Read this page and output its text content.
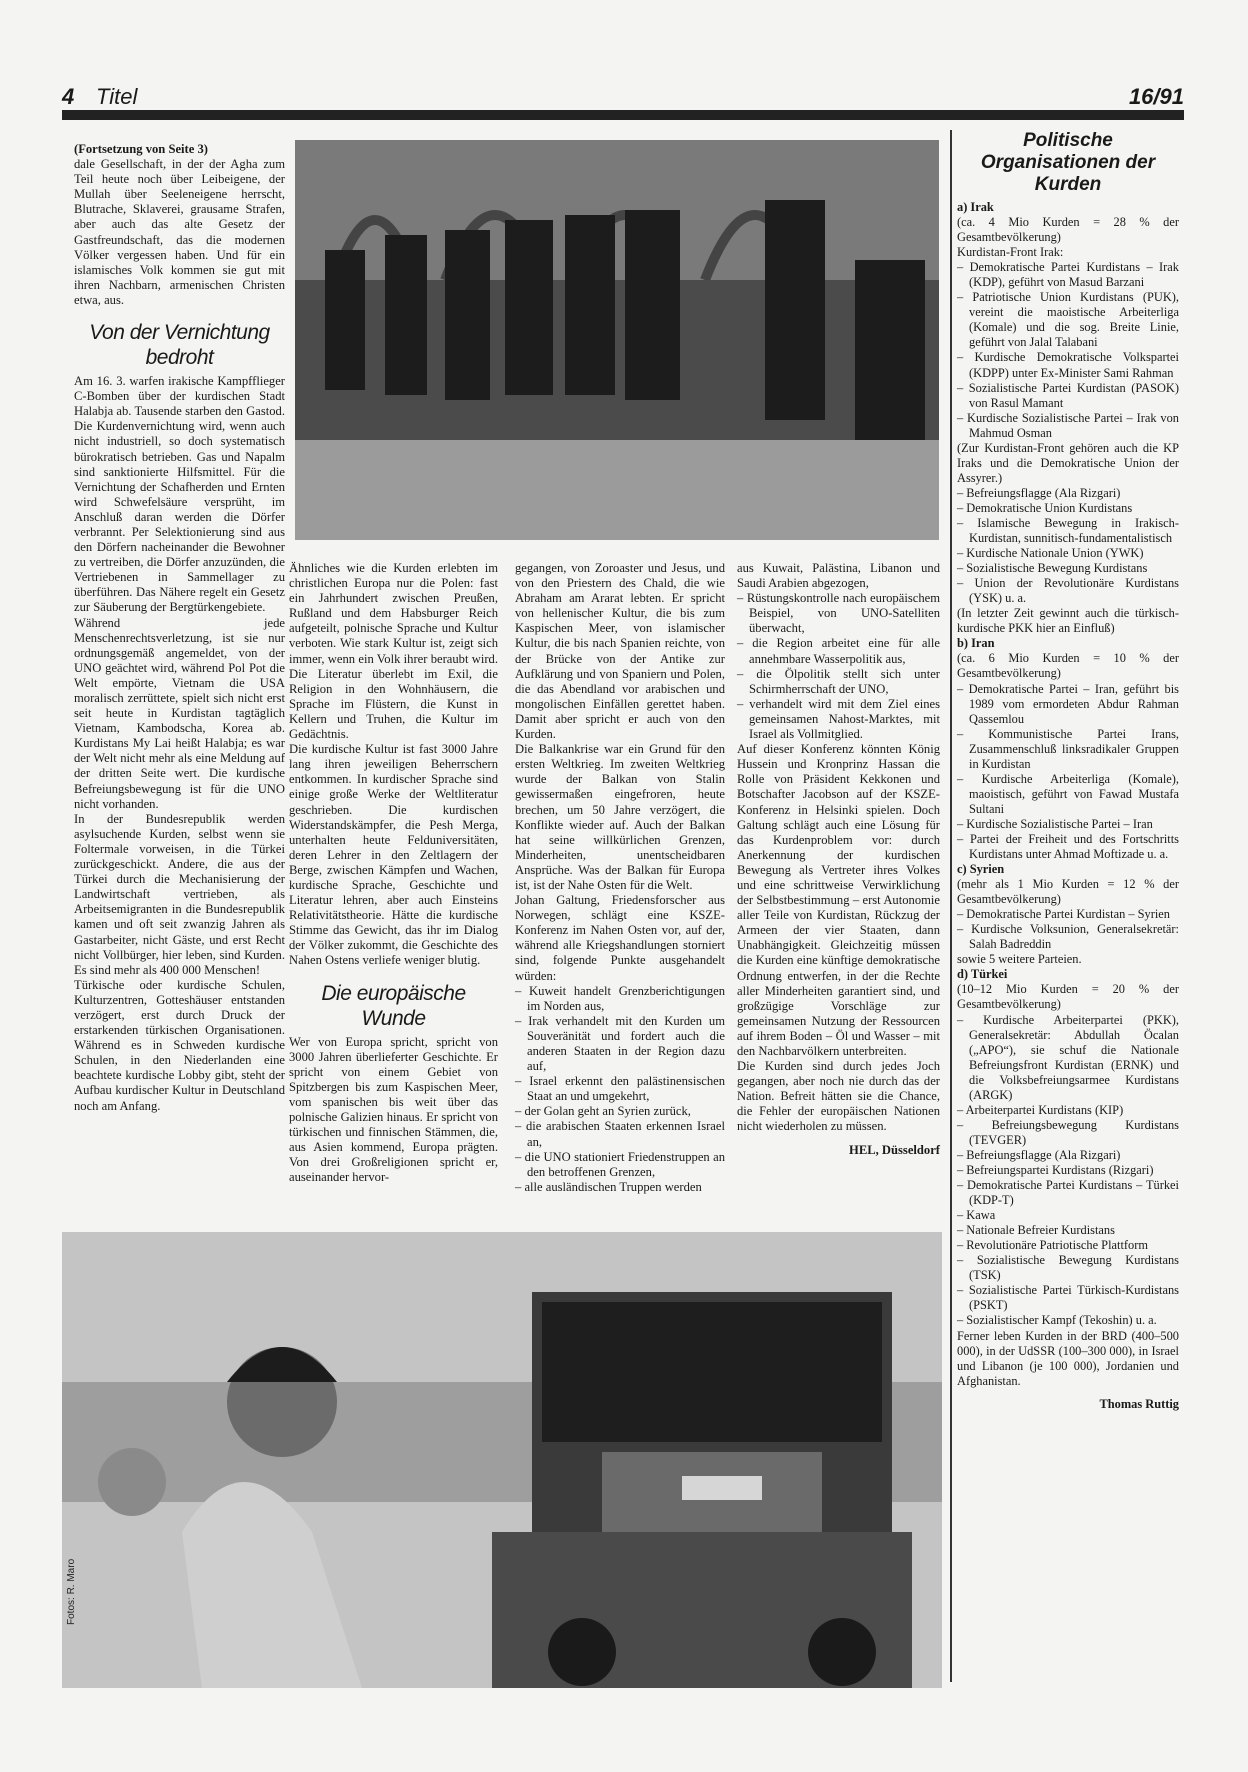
4 Titel	16/91

(Fortsetzung von Seite 3)

dale Gesellschaft, in der der Agha zum Teil heute noch über Leibeigene, der Mullah über Seeleneigene herrscht, Blutrache, Sklaverei, grausame Strafen, aber auch das alte Gesetz der Gastfreundschaft, das die modernen Völker vergessen haben. Und für ein islamisches Volk kommen sie gut mit ihren Nachbarn, armenischen Christen etwa, aus.

Von der Vernichtung bedroht

Am 16. 3. warfen irakische Kampfflieger C-Bomben über der kurdischen Stadt Halabja ab. Tausende starben den Gastod. Die Kurdenvernichtung wird, wenn auch nicht industriell, so doch systematisch bürokratisch betrieben. Gas und Napalm sind sanktionierte Hilfsmittel. Für die Vernichtung der Schafherden und Ernten wird Schwefelsäure versprüht, im Anschluß daran werden die Dörfer verbrannt. Per Selektionierung sind aus den Dörfern nacheinander die Bewohner zu vertreiben, die Dörfer anzuzünden, die Vertriebenen in Sammellager zu überführen. Das Nähere regelt ein Gesetz zur Säuberung der Bergtürkengebiete.

Während jede Menschenrechtsverletzung, ist sie nur ordnungsgemäß angemeldet, von der UNO geächtet wird, während Pol Pot die Welt empörte, Vietnam die USA moralisch zerrüttete, spielt sich nicht erst seit heute in Kurdistan tagtäglich Vietnam, Kambodscha, Korea ab. Kurdistans My Lai heißt Halabja; es war der Welt nicht mehr als eine Meldung auf der dritten Seite wert. Die kurdische Befreiungsbewegung ist für die UNO nicht vorhanden.

In der Bundesrepublik werden asylsuchende Kurden, selbst wenn sie Foltermale vorweisen, in die Türkei zurückgeschickt. Andere, die aus der Türkei durch die Mechanisierung der Landwirtschaft vertrieben, als Arbeitsemigranten in die Bundesrepublik kamen und oft seit zwanzig Jahren als Gastarbeiter, nicht Gäste, und erst Recht nicht Vollbürger, hier leben, sind Kurden. Es sind mehr als 400 000 Menschen!

Türkische oder kurdische Schulen, Kulturzentren, Gotteshäuser entstanden verzögert, erst durch Druck der erstarkenden türkischen Organisationen. Während es in Schweden kurdische Schulen, in den Niederlanden eine beachtete kurdische Lobby gibt, steht der Aufbau kurdischer Kultur in Deutschland noch am Anfang.

Ähnliches wie die Kurden erlebten im christlichen Europa nur die Polen: fast ein Jahrhundert zwischen Preußen, Rußland und dem Habsburger Reich aufgeteilt, polnische Sprache und Kultur verboten. Wie stark Kultur ist, zeigt sich immer, wenn ein Volk ihrer beraubt wird. Die Literatur überlebt im Exil, die Religion in den Wohnhäusern, die Sprache im Flüstern, die Kunst in Kellern und Truhen, die Kultur im Gedächtnis.

Die kurdische Kultur ist fast 3000 Jahre lang ihren jeweiligen Beherrschern entkommen. In kurdischer Sprache sind einige große Werke der Weltliteratur geschrieben. Die kurdischen Widerstandskämpfer, die Pesh Merga, unterhalten heute Felduniversitäten, deren Lehrer in den Zeltlagern der Berge, zwischen Kämpfen und Wachen, kurdische Sprache, Geschichte und Literatur lehren, aber auch Einsteins Relativitätstheorie. Hätte die kurdische Stimme das Gewicht, das ihr im Dialog der Völker zukommt, die Geschichte des Nahen Ostens verliefe weniger blutig.

Die europäische Wunde

Wer von Europa spricht, spricht von 3000 Jahren überlieferter Geschichte. Er spricht von einem Gebiet von Spitzbergen bis zum Kaspischen Meer, vom spanischen bis weit über das polnische Galizien hinaus. Er spricht von türkischen und finnischen Stämmen, die, aus Asien kommend, Europa prägten. Von drei Großreligionen spricht er, auseinander hervor-

gegangen, von Zoroaster und Jesus, und von den Priestern des Chald, die wie Abraham am Ararat lebten. Er spricht von hellenischer Kultur, die bis zum Kaspischen Meer, von islamischer Kultur, die bis nach Spanien reichte, von der Brücke von der Antike zur Aufklärung und von Spaniern und Polen, die das Abendland vor arabischen und mongolischen Einfällen gerettet haben. Damit aber spricht er auch von den Kurden.

Die Balkankrise war ein Grund für den ersten Weltkrieg. Im zweiten Weltkrieg wurde der Balkan von Stalin gewissermaßen eingefroren, heute brechen, um 50 Jahre verzögert, die Konflikte wieder auf. Auch der Balkan hat seine willkürlichen Grenzen, Minderheiten, unentscheidbaren Ansprüche. Was der Balkan für Europa ist, ist der Nahe Osten für die Welt.

Johan Galtung, Friedensforscher aus Norwegen, schlägt eine KSZE-Konferenz im Nahen Osten vor, auf der, während alle Kriegshandlungen storniert sind, folgende Punkte ausgehandelt würden:

– Kuweit handelt Grenzberichtigungen im Norden aus,
– Irak verhandelt mit den Kurden um Souveränität und fordert auch die anderen Staaten in der Region dazu auf,
– Israel erkennt den palästinensischen Staat an und umgekehrt,
– der Golan geht an Syrien zurück,
– die arabischen Staaten erkennen Israel an,
– die UNO stationiert Friedenstruppen an den betroffenen Grenzen,
– alle ausländischen Truppen werden

aus Kuwait, Palästina, Libanon und Saudi Arabien abgezogen,

– Rüstungskontrolle nach europäischem Beispiel, von UNO-Satelliten überwacht,
– die Region arbeitet eine für alle annehmbare Wasserpolitik aus,
– die Ölpolitik stellt sich unter Schirmherrschaft der UNO,
– verhandelt wird mit dem Ziel eines gemeinsamen Nahost-Marktes, mit Israel als Vollmitglied.

Auf dieser Konferenz könnten König Hussein und Kronprinz Hassan die Rolle von Präsident Kekkonen und Botschafter Jacobson auf der KSZE-Konferenz in Helsinki spielen. Doch Galtung schlägt auch eine Lösung für das Kurdenproblem vor: durch Anerkennung der kurdischen Bewegung als Vertreter ihres Volkes und eine schrittweise Verwirklichung der Selbstbestimmung – erst Autonomie aller Teile von Kurdistan, Rückzug der Armeen der vier Staaten, dann Unabhängigkeit. Gleichzeitig müssen die Kurden eine künftige demokratische Ordnung entwerfen, in der die Rechte aller Minderheiten garantiert sind, und großzügige Vorschläge zur gemeinsamen Nutzung der Ressourcen auf ihrem Boden – Öl und Wasser – mit den Nachbarvölkern unterbreiten.

Die Kurden sind durch jedes Joch gegangen, aber noch nie durch das der Nation. Befreit hätten sie die Chance, die Fehler der europäischen Nationen nicht wiederholen zu müssen.

HEL, Düsseldorf
Politische Organisationen der Kurden

a) Irak

(ca. 4 Mio Kurden = 28 % der Gesamtbevölkerung)

Kurdistan-Front Irak:

– Demokratische Partei Kurdistans – Irak (KDP), geführt von Masud Barzani
– Patriotische Union Kurdistans (PUK), vereint die maoistische Arbeiterliga (Komale) und die sog. Breite Linie, geführt von Jalal Talabani
– Kurdische Demokratische Volkspartei (KDPP) unter Ex-Minister Sami Rahman
– Sozialistische Partei Kurdistan (PASOK) von Rasul Mamant
– Kurdische Sozialistische Partei – Irak von Mahmud Osman

(Zur Kurdistan-Front gehören auch die KP Iraks und die Demokratische Union der Assyrer.)

– Befreiungsflagge (Ala Rizgari)
– Demokratische Union Kurdistans
– Islamische Bewegung in Irakisch-Kurdistan, sunnitisch-fundamentalistisch
– Kurdische Nationale Union (YWK)
– Sozialistische Bewegung Kurdistans
– Union der Revolutionäre Kurdistans (YSK) u. a.

(In letzter Zeit gewinnt auch die türkisch-kurdische PKK hier an Einfluß)

b) Iran

(ca. 6 Mio Kurden = 10 % der Gesamtbevölkerung)

– Demokratische Partei – Iran, geführt bis 1989 vom ermordeten Abdur Rahman Qassemlou
– Kommunistische Partei Irans, Zusammenschluß linksradikaler Gruppen in Kurdistan
– Kurdische Arbeiterliga (Komale), maoistisch, geführt von Fawad Mustafa Sultani
– Kurdische Sozialistische Partei – Iran
– Partei der Freiheit und des Fortschritts Kurdistans unter Ahmad Moftizade u. a.

c) Syrien

(mehr als 1 Mio Kurden = 12 % der Gesamtbevölkerung)

– Demokratische Partei Kurdistan – Syrien
– Kurdische Volksunion, Generalsekretär: Salah Badreddin

sowie 5 weitere Parteien.

d) Türkei

(10–12 Mio Kurden = 20 % der Gesamtbevölkerung)

– Kurdische Arbeiterpartei (PKK), Generalsekretär: Abdullah Öcalan („APO“), sie schuf die Nationale Befreiungsfront Kurdistan (ERNK) und die Volksbefreiungsarmee Kurdistans (ARGK)
– Arbeiterpartei Kurdistans (KIP)
– Befreiungsbewegung Kurdistans (TEVGER)
– Befreiungsflagge (Ala Rizgari)
– Befreiungspartei Kurdistans (Rizgari)
– Demokratische Partei Kurdistans – Türkei (KDP-T)
– Kawa
– Nationale Befreier Kurdistans
– Revolutionäre Patriotische Plattform
– Sozialistische Bewegung Kurdistans (TSK)
– Sozialistische Partei Türkisch-Kurdistans (PSKT)
– Sozialistischer Kampf (Tekoshin) u. a.

Ferner leben Kurden in der BRD (400–500 000), in der UdSSR (100–300 000), in Israel und Libanon (je 100 000), Jordanien und Afghanistan.

Thomas Ruttig
Fotos: R. Maro
